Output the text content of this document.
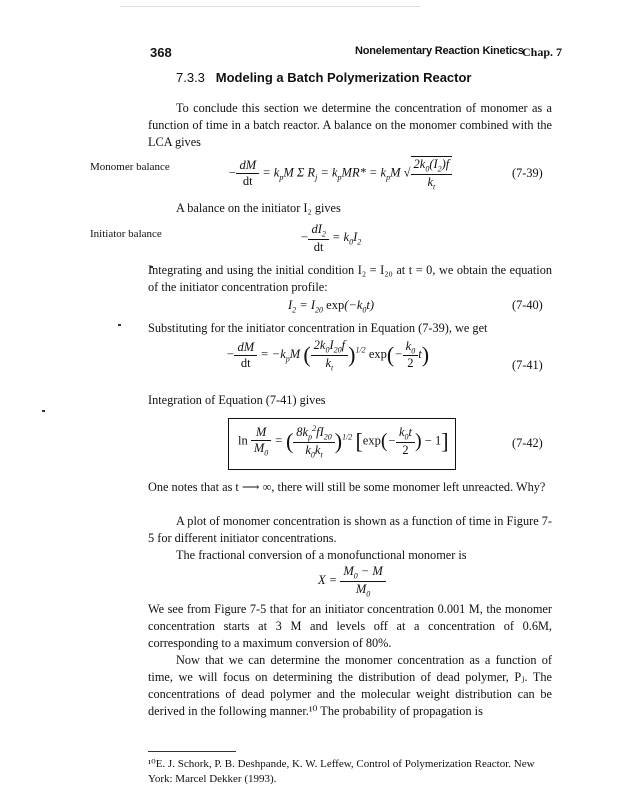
368	Nonelementary Reaction Kinetics
Chap. 7
7.3.3 Modeling a Batch Polymerization Reactor
To conclude this section we determine the concentration of monomer as a function of time in a batch reactor. A balance on the monomer combined with the LCA gives
Monomer balance	− $\frac{dM}{dt} = k_pM$ Σ $R_j = k_pMR* = k_pM$ √ $\frac{2k_0(I_2)f}{k_t}$	(7-39)
A balance on the initiator I₂ gives
Initiator balance	− $\frac{dI_2}{dt} = k_0I_2$
Integrating and using the initial condition I₂ = I₂₀ at t = 0, we obtain the equation of the initiator concentration profile:
$I_2 = I_{20}$ $\exp(-k_0t)$	(7-40)
Substituting for the initiator concentration in Equation (7-39), we get
− $\frac{dM}{dt} = -k_pM$ ( $\frac{2k_0I_{20}f}{k_t} )^{1/2}$ $\exp(- \frac{k_0}{2} t)$	(7-41)
Integration of Equation (7-41) gives
$\ln \frac{M}{M_0}$ = ( $\frac{8k_p^2fI_{20}}{k_0k_t} )^{1/2}$ [$\exp(- \frac{k_0t}{2}$ ) − 1]	(7-42)
One notes that as t ⟶ ∞, there will still be some monomer left unreacted. Why?
A plot of monomer concentration is shown as a function of time in Figure 7-5 for different initiator concentrations.
The fractional conversion of a monofunctional monomer is
$X = \frac{M_0 - M}{M_0}$
We see from Figure 7-5 that for an initiator concentration 0.001 M, the monomer concentration starts at 3 M and levels off at a concentration of 0.6M, corresponding to a maximum conversion of 80%.
Now that we can determine the monomer concentration as a function of time, we will focus on determining the distribution of dead polymer, Pⱼ. The concentrations of dead polymer and the molecular weight distribution can be derived in the following manner.¹⁰ The probability of propagation is
¹⁰E. J. Schork, P. B. Deshpande, K. W. Leffew, Control of Polymerization Reactor. New York: Marcel Dekker (1993).
